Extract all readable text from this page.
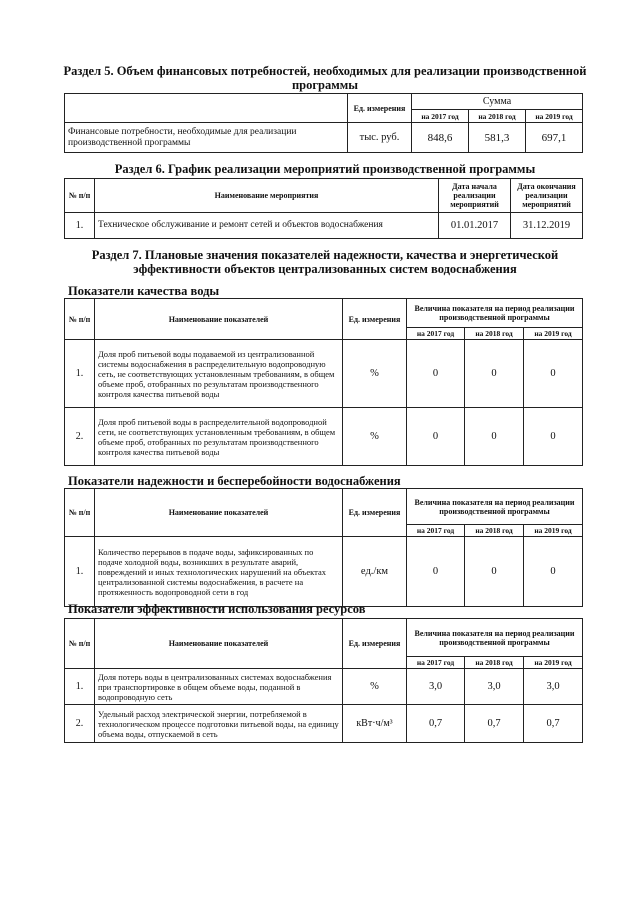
Раздел 5. Объем финансовых потребностей, необходимых для реализации производственной программы
	Ед. измерения	Сумма		
		на 2017 год	на 2018 год	на 2019 год
Финансовые потребности, необходимые для реализации производственной программы	тыс. руб.	848,6	581,3	697,1
Раздел 6. График реализации мероприятий производственной программы
№ п/п	Наименование мероприятия	Дата начала реализации мероприятий	Дата окончания реализации мероприятий
1.	Техническое обслуживание и ремонт сетей и объектов водоснабжения	01.01.2017	31.12.2019
Раздел 7. Плановые значения показателей надежности, качества и энергетической эффективности объектов централизованных систем водоснабжения
Показатели качества воды
№ п/п	Наименование показателей	Ед. измерения	Величина показателя на период реализации производственной программы		
			на 2017 год	на 2018 год	на 2019 год
1.	Доля проб питьевой воды подаваемой из централизованной системы водоснабжения в распределительную водопроводную сеть, не соответствующих установленным требованиям, в общем объеме проб, отобранных по результатам производственного контроля качества питьевой воды	%	0	0	0
2.	Доля проб питьевой воды в распределительной водопроводной сети, не соответствующих установленным требованиям, в общем объеме проб, отобранных по результатам производственного контроля качества питьевой воды	%	0	0	0
Показатели надежности и бесперебойности водоснабжения
№ п/п	Наименование показателей	Ед. измерения	Величина показателя на период реализации производственной программы		
			на 2017 год	на 2018 год	на 2019 год
1.	Количество перерывов в подаче воды, зафиксированных по подаче холодной воды, возникших в результате аварий, повреждений и иных технологических нарушений на объектах централизованной системы водоснабжения, в расчете на протяженность водопроводной сети в год	ед./км	0	0	0
Показатели эффективности использования ресурсов
№ п/п	Наименование показателей	Ед. измерения	Величина показателя на период реализации производственной программы		
			на 2017 год	на 2018 год	на 2019 год
1.	Доля потерь воды в централизованных системах водоснабжения при транспортировке в общем объеме воды, поданной в водопроводную сеть	%	3,0	3,0	3,0
2.	Удельный расход электрической энергии, потребляемой в технологическом процессе подготовки питьевой воды, на единицу объема воды, отпускаемой в сеть	кВт·ч/м³	0,7	0,7	0,7
